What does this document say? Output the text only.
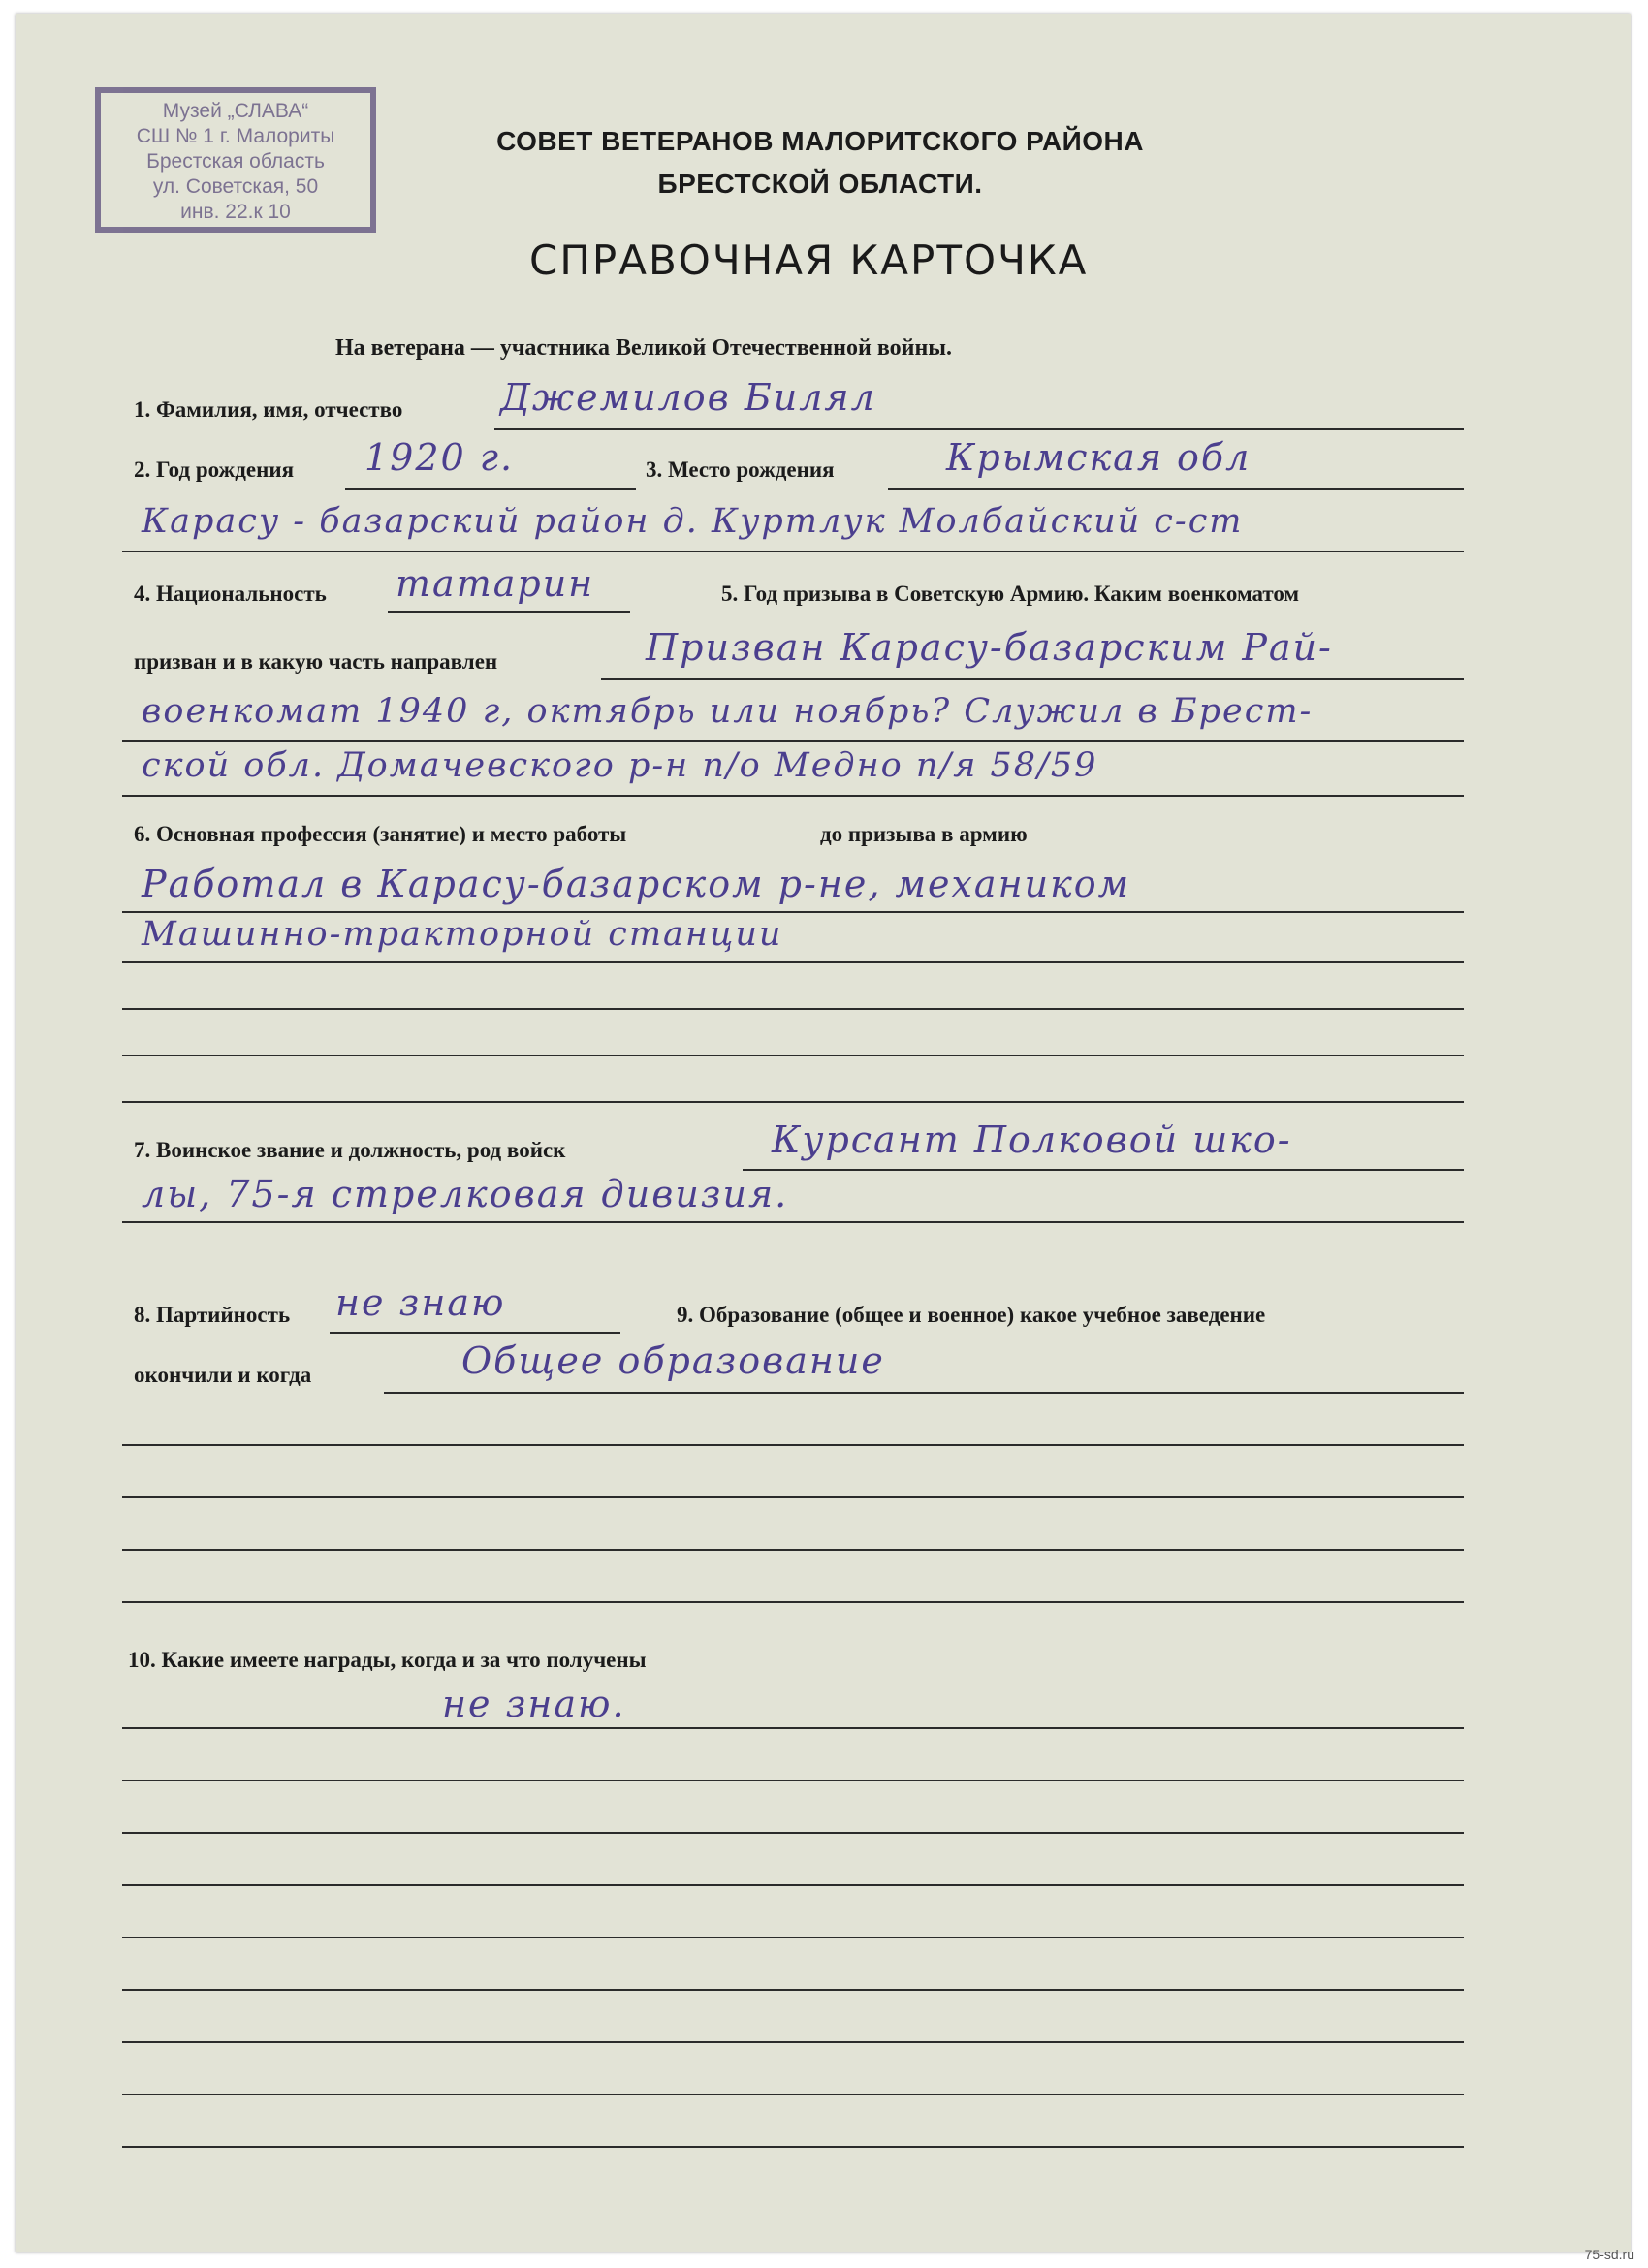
Музей „СЛАВА“
СШ № 1 г. Малориты
Брестская область
ул. Советская, 50
инв. 22.к 10
СОВЕТ ВЕТЕРАНОВ МАЛОРИТСКОГО РАЙОНА
БРЕСТСКОЙ ОБЛАСТИ.
СПРАВОЧНАЯ КАРТОЧКА
На ветерана — участника Великой Отечественной войны.
1. Фамилия, имя, отчество	Джемилов Билял
2. Год рождения 1920 г.	3. Место рождения	Крымская обл
Карасу - базарский район д. Куртлук Молбайский с-ст
4. Национальность татарин	5. Год призыва в Советскую Армию. Каким военкоматом
призван и в какую часть направлен	Призван Карасу-базарским Рай-
военкомат 1940 г, октябрь или ноябрь? Служил в Брест-
ской обл. Домачевского р-н п/о Медно п/я 58/59
6. Основная профессия (занятие) и место работы	до призыва в армию
Работал в Карасу-базарском р-не, механиком
Машинно-тракторной станции
7. Воинское звание и должность, род войск	Курсант Полковой шко-
лы, 75-я стрелковая дивизия.
8. Партийность не знаю	9. Образование (общее и военное) какое учебное заведение
окончили и когда	Общее образование
10. Какие имеете награды, когда и за что получены
не знаю.
75-sd.ru
